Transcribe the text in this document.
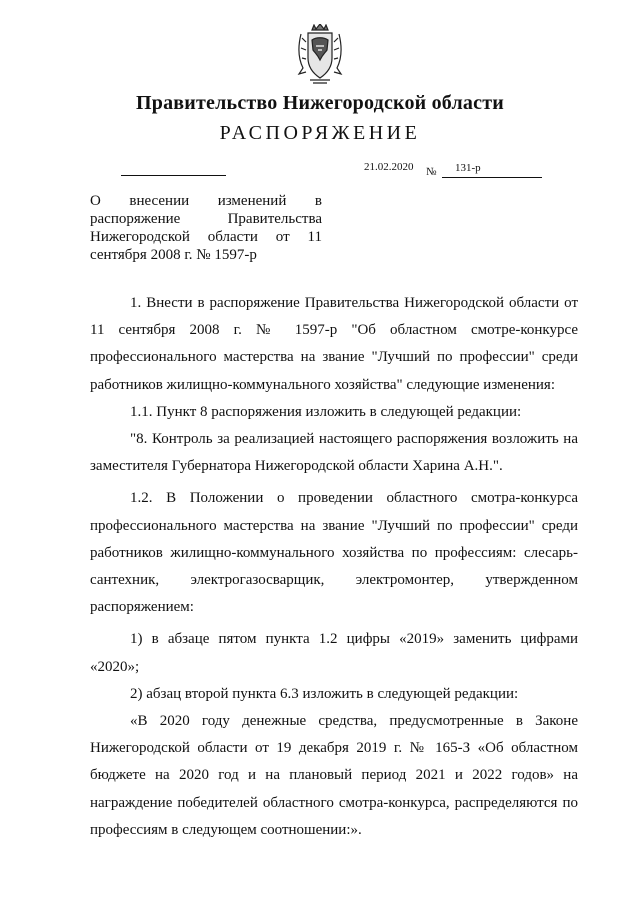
Правительство Нижегородской области
РАСПОРЯЖЕНИЕ
21.02.2020 № 131-р
О внесении изменений в распоряжение Правительства Нижегородской области от 11 сентября 2008 г. № 1597-р

1. Внести в распоряжение Правительства Нижегородской области от 11 сентября 2008 г. № 1597-р "Об областном смотре-конкурсе профессионального мастерства на звание "Лучший по профессии" среди работников жилищно-коммунального хозяйства" следующие изменения:

1.1. Пункт 8 распоряжения изложить в следующей редакции:

"8. Контроль за реализацией настоящего распоряжения возложить на заместителя Губернатора Нижегородской области Харина А.Н.".

1.2. В Положении о проведении областного смотра-конкурса профессионального мастерства на звание "Лучший по профессии" среди работников жилищно-коммунального хозяйства по профессиям: слесарь-сантехник, электрогазосварщик, электромонтер, утвержденном распоряжением:

1) в абзаце пятом пункта 1.2 цифры «2019» заменить цифрами «2020»;

2) абзац второй пункта 6.3 изложить в следующей редакции:

«В 2020 году денежные средства, предусмотренные в Законе Нижегородской области от 19 декабря 2019 г. № 165-З «Об областном бюджете на 2020 год и на плановый период 2021 и 2022 годов» на награждение победителей областного смотра-конкурса, распределяются по профессиям в следующем соотношении:».
